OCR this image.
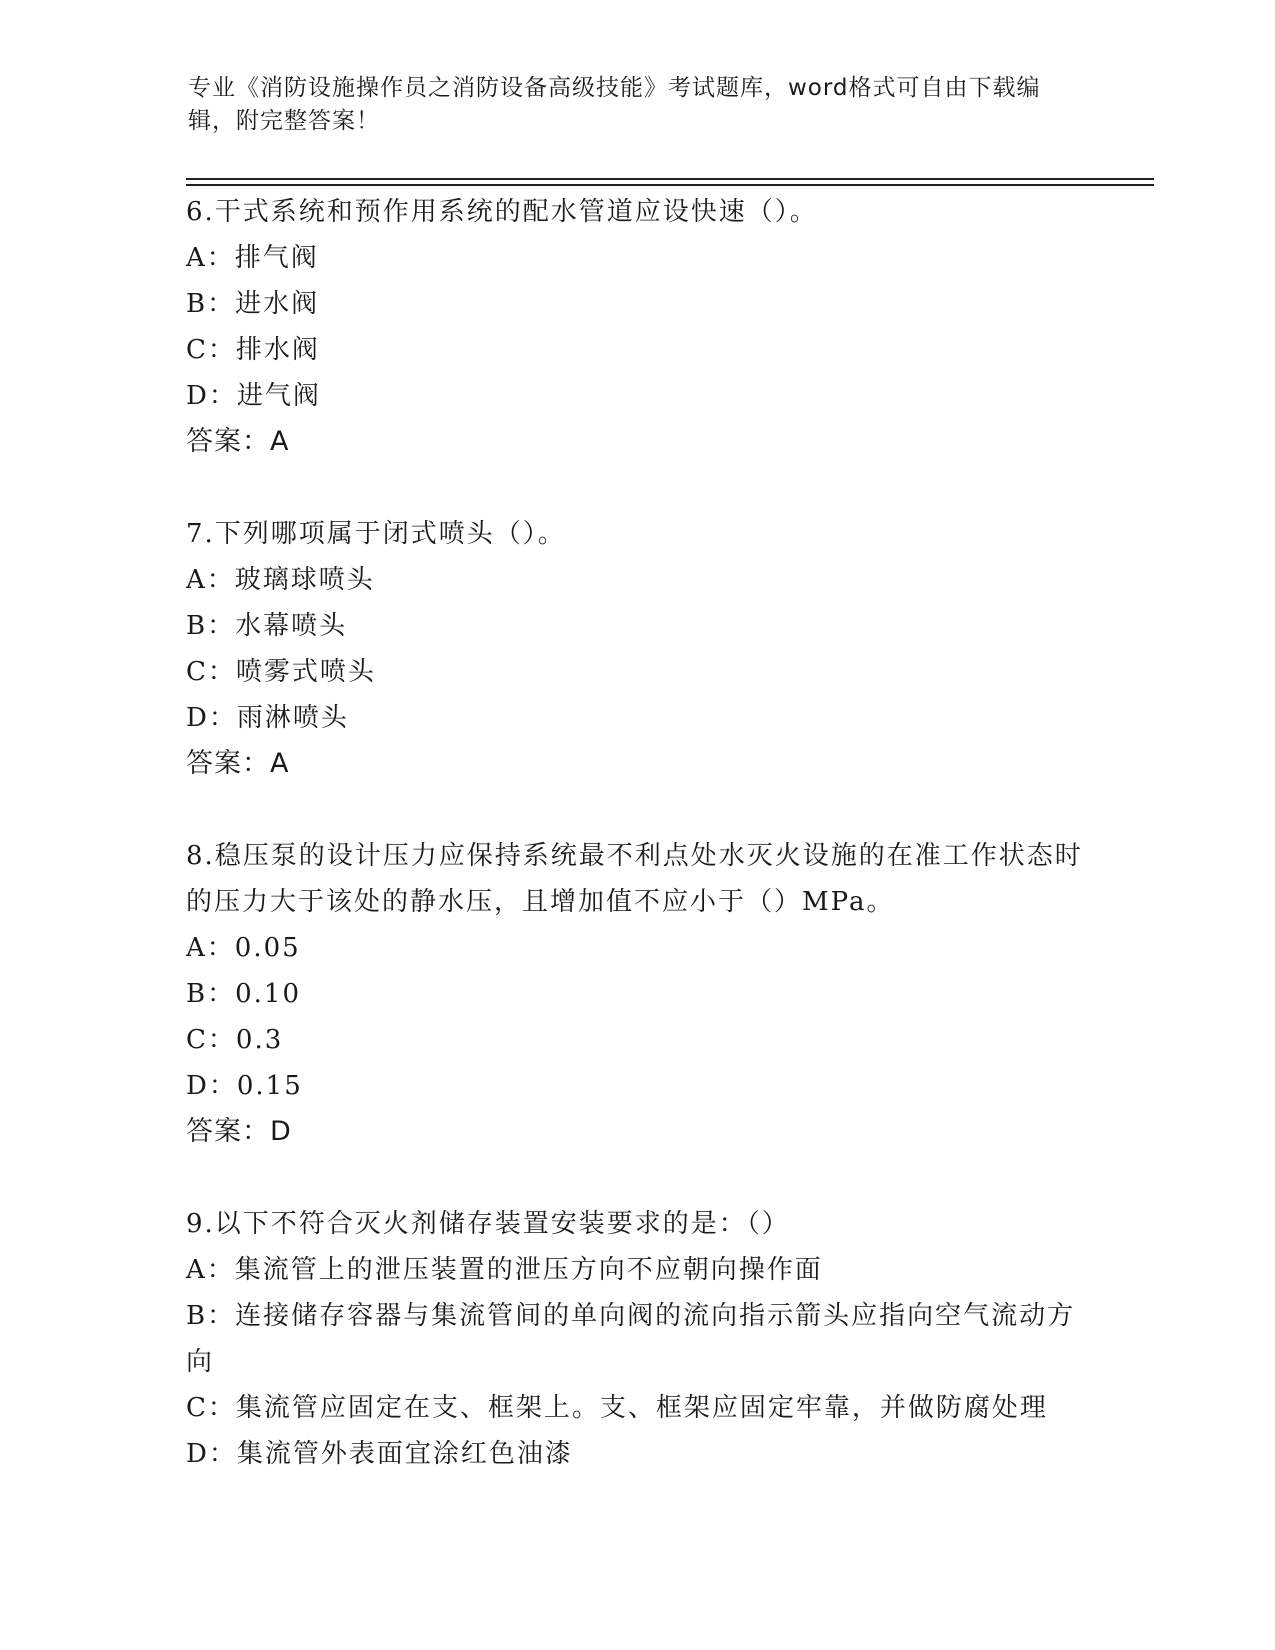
专业《消防设施操作员之消防设备高级技能》考试题库，word格式可自由下载编辑，附完整答案！

6.干式系统和预作用系统的配水管道应设快速（）。

A：排气阀

B：进水阀

C：排水阀

D：进气阀

答案：A

7.下列哪项属于闭式喷头（）。

A：玻璃球喷头

B：水幕喷头

C：喷雾式喷头

D：雨淋喷头

答案：A

8.稳压泵的设计压力应保持系统最不利点处水灭火设施的在准工作状态时的压力大于该处的静水压，且增加值不应小于（）MPa。

A：0.05

B：0.10

C：0.3

D：0.15

答案：D

9.以下不符合灭火剂储存装置安装要求的是：（）

A：集流管上的泄压装置的泄压方向不应朝向操作面

B：连接储存容器与集流管间的单向阀的流向指示箭头应指向空气流动方向

C：集流管应固定在支、框架上。支、框架应固定牢靠，并做防腐处理

D：集流管外表面宜涂红色油漆
